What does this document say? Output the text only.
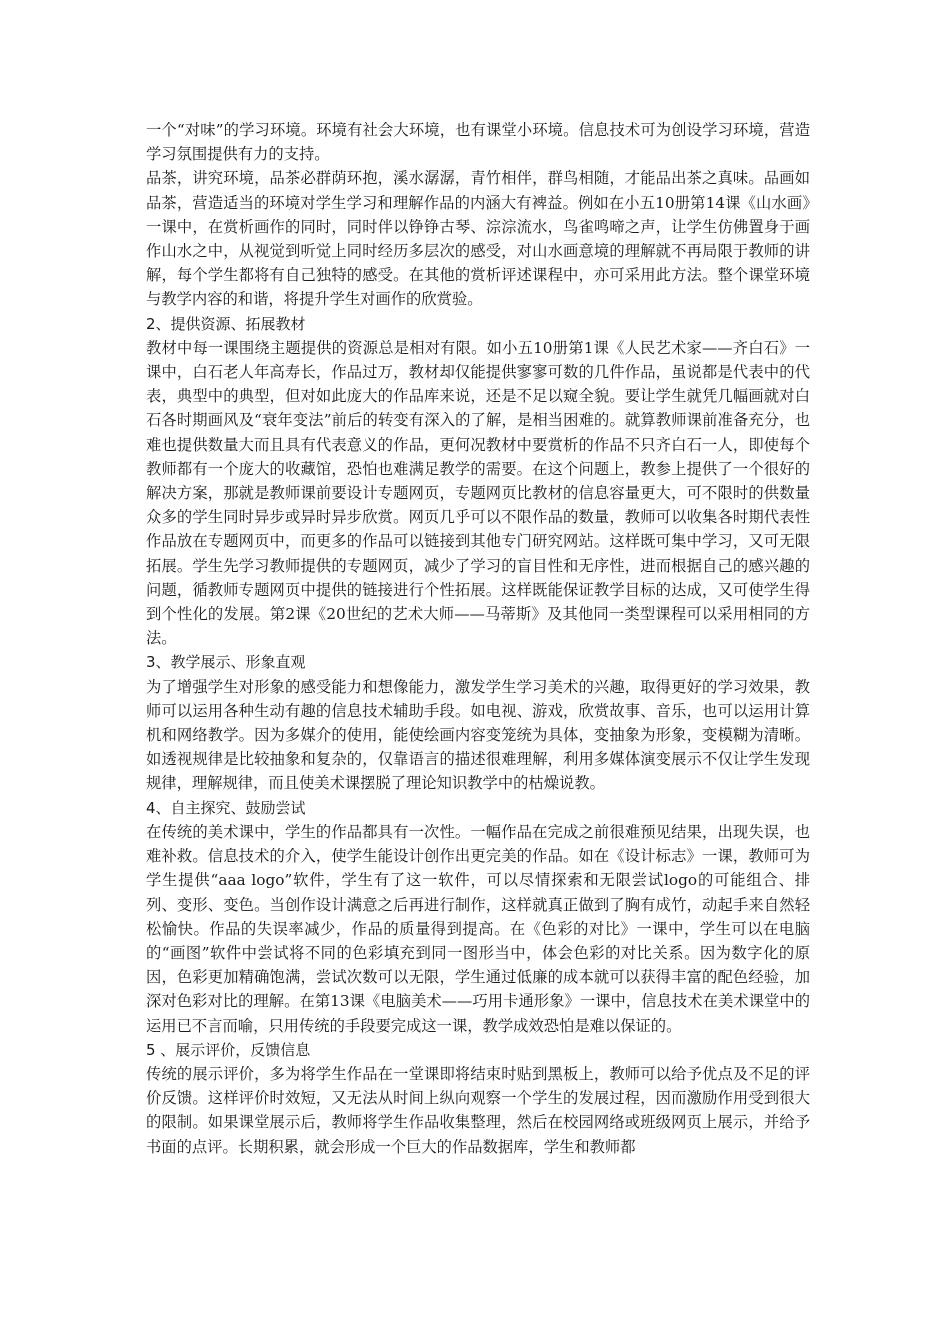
一个“对味”的学习环境。环境有社会大环境，也有课堂小环境。信息技术可为创设学习环境，营造学习氛围提供有力的支持。

品茶，讲究环境，品茶必群荫环抱，溪水潺潺，青竹相伴，群鸟相随，才能品出茶之真味。品画如品茶，营造适当的环境对学生学习和理解作品的内涵大有裨益。例如在小五10册第14课《山水画》一课中，在赏析画作的同时，同时伴以铮铮古琴、淙淙流水，鸟雀鸣啼之声，让学生仿佛置身于画作山水之中，从视觉到听觉上同时经历多层次的感受，对山水画意境的理解就不再局限于教师的讲解，每个学生都将有自己独特的感受。在其他的赏析评述课程中，亦可采用此方法。整个课堂环境与教学内容的和谐，将提升学生对画作的欣赏验。

2、提供资源、拓展教材

教材中每一课围绕主题提供的资源总是相对有限。如小五10册第1课《人民艺术家——齐白石》一课中，白石老人年高寿长，作品过万，教材却仅能提供寥寥可数的几件作品，虽说都是代表中的代表，典型中的典型，但对如此庞大的作品库来说，还是不足以窥全貌。要让学生就凭几幅画就对白石各时期画风及“衰年变法”前后的转变有深入的了解，是相当困难的。就算教师课前准备充分，也难也提供数量大而且具有代表意义的作品，更何况教材中要赏析的作品不只齐白石一人，即使每个教师都有一个庞大的收藏馆，恐怕也难满足教学的需要。在这个问题上，教参上提供了一个很好的解决方案，那就是教师课前要设计专题网页，专题网页比教材的信息容量更大，可不限时的供数量众多的学生同时异步或异时异步欣赏。网页几乎可以不限作品的数量，教师可以收集各时期代表性作品放在专题网页中，而更多的作品可以链接到其他专门研究网站。这样既可集中学习，又可无限拓展。学生先学习教师提供的专题网页，减少了学习的盲目性和无序性，进而根据自己的感兴趣的问题，循教师专题网页中提供的链接进行个性拓展。这样既能保证教学目标的达成，又可使学生得到个性化的发展。第2课《20世纪的艺术大师——马蒂斯》及其他同一类型课程可以采用相同的方法。

3、教学展示、形象直观

为了增强学生对形象的感受能力和想像能力，激发学生学习美术的兴趣，取得更好的学习效果，教师可以运用各种生动有趣的信息技术辅助手段。如电视、游戏，欣赏故事、音乐，也可以运用计算机和网络教学。因为多媒介的使用，能使绘画内容变笼统为具体，变抽象为形象，变模糊为清晰。如透视规律是比较抽象和复杂的，仅靠语言的描述很难理解，利用多媒体演变展示不仅让学生发现规律，理解规律，而且使美术课摆脱了理论知识教学中的枯燥说教。

4、自主探究、鼓励尝试

在传统的美术课中，学生的作品都具有一次性。一幅作品在完成之前很难预见结果，出现失误，也难补救。信息技术的介入，使学生能设计创作出更完美的作品。如在《设计标志》一课，教师可为学生提供“aaa logo”软件，学生有了这一软件，可以尽情探索和无限尝试logo的可能组合、排列、变形、变色。当创作设计满意之后再进行制作，这样就真正做到了胸有成竹，动起手来自然轻松愉快。作品的失误率减少，作品的质量得到提高。在《色彩的对比》一课中，学生可以在电脑的“画图”软件中尝试将不同的色彩填充到同一图形当中，体会色彩的对比关系。因为数字化的原因，色彩更加精确饱满，尝试次数可以无限，学生通过低廉的成本就可以获得丰富的配色经验，加深对色彩对比的理解。在第13课《电脑美术——巧用卡通形象》一课中，信息技术在美术课堂中的运用已不言而喻，只用传统的手段要完成这一课，教学成效恐怕是难以保证的。

5 、展示评价，反馈信息

传统的展示评价，多为将学生作品在一堂课即将结束时贴到黑板上，教师可以给予优点及不足的评价反馈。这样评价时效短，又无法从时间上纵向观察一个学生的发展过程，因而激励作用受到很大的限制。如果课堂展示后，教师将学生作品收集整理，然后在校园网络或班级网页上展示，并给予书面的点评。长期积累，就会形成一个巨大的作品数据库，学生和教师都
